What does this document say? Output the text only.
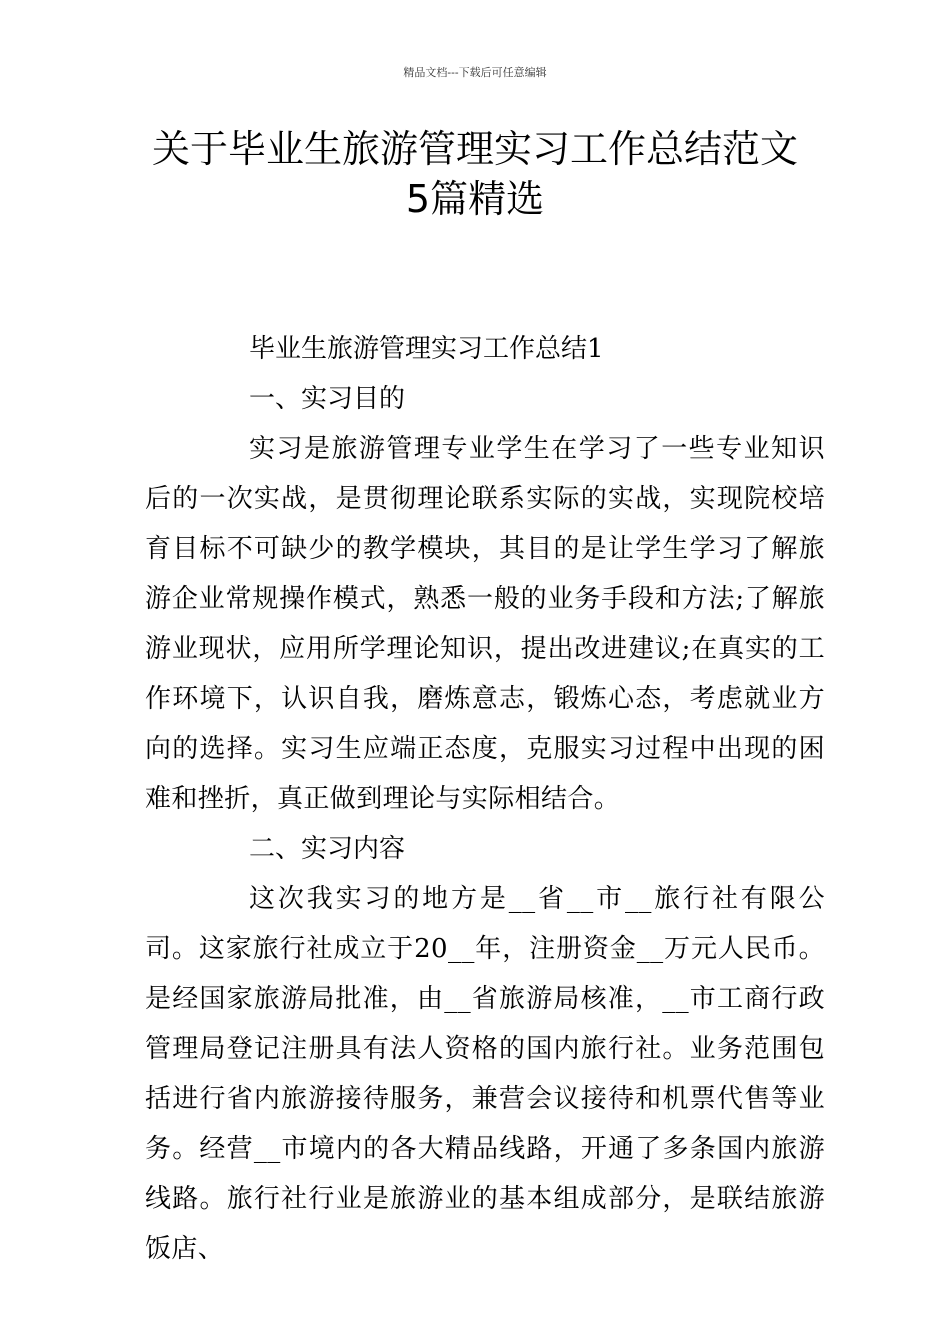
精品文档---下载后可任意编辑
关于毕业生旅游管理实习工作总结范文
5篇精选

毕业生旅游管理实习工作总结1

一、实习目的

实习是旅游管理专业学生在学习了一些专业知识后的一次实战，是贯彻理论联系实际的实战，实现院校培育目标不可缺少的教学模块，其目的是让学生学习了解旅游企业常规操作模式，熟悉一般的业务手段和方法;了解旅游业现状，应用所学理论知识，提出改进建议;在真实的工作环境下，认识自我，磨炼意志，锻炼心态，考虑就业方向的选择。实习生应端正态度，克服实习过程中出现的困难和挫折，真正做到理论与实际相结合。

二、实习内容

这次我实习的地方是__省__市__旅行社有限公司。这家旅行社成立于20__年，注册资金__万元人民币。是经国家旅游局批准，由__省旅游局核准，__市工商行政管理局登记注册具有法人资格的国内旅行社。业务范围包括进行省内旅游接待服务，兼营会议接待和机票代售等业务。经营__市境内的各大精品线路，开通了多条国内旅游线路。旅行社行业是旅游业的基本组成部分，是联结旅游饭店、
